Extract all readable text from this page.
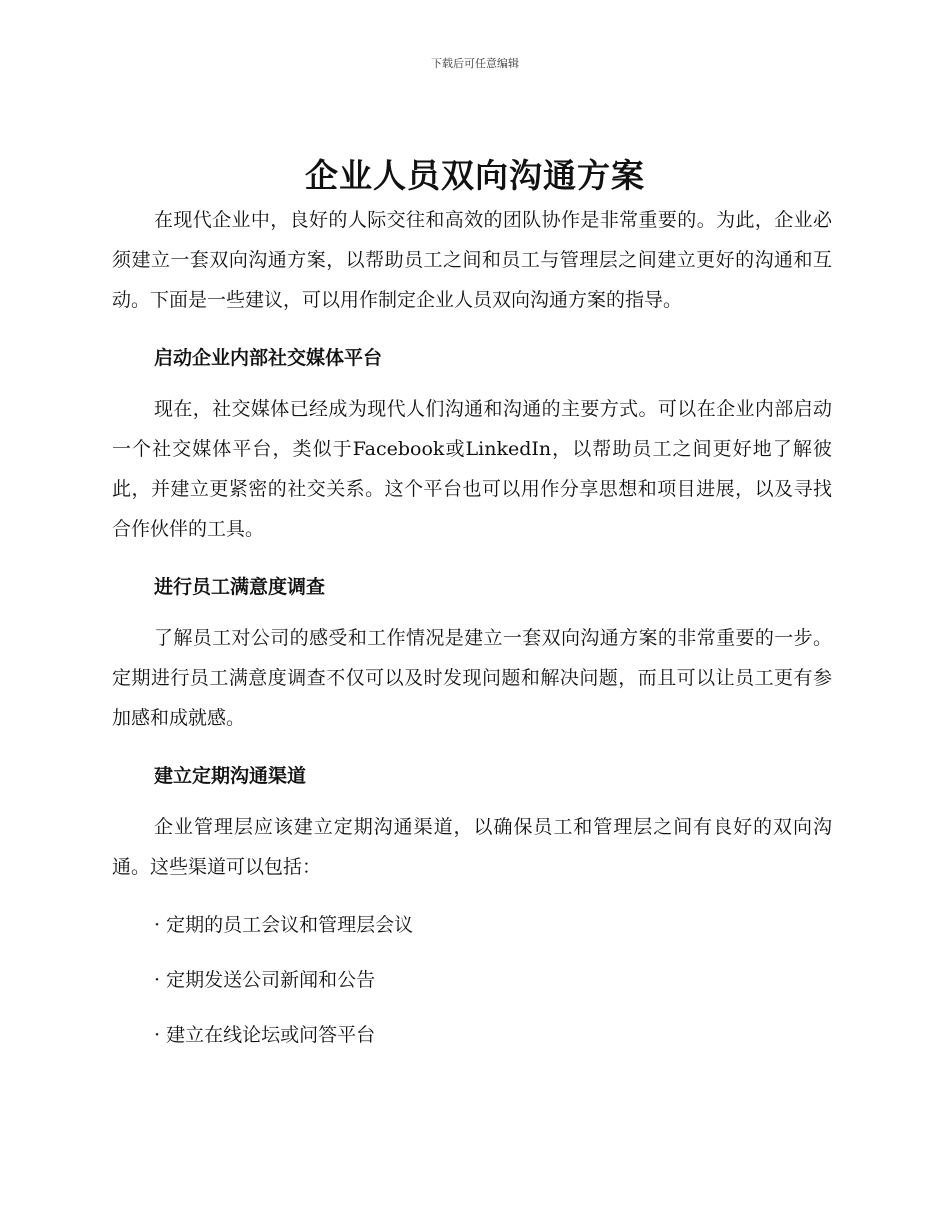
下载后可任意编辑
企业人员双向沟通方案

在现代企业中，良好的人际交往和高效的团队协作是非常重要的。为此，企业必须建立一套双向沟通方案，以帮助员工之间和员工与管理层之间建立更好的沟通和互动。下面是一些建议，可以用作制定企业人员双向沟通方案的指导。

启动企业内部社交媒体平台

现在，社交媒体已经成为现代人们沟通和沟通的主要方式。可以在企业内部启动一个社交媒体平台，类似于Facebook或LinkedIn，以帮助员工之间更好地了解彼此，并建立更紧密的社交关系。这个平台也可以用作分享思想和项目进展，以及寻找合作伙伴的工具。

进行员工满意度调查

了解员工对公司的感受和工作情况是建立一套双向沟通方案的非常重要的一步。定期进行员工满意度调查不仅可以及时发现问题和解决问题，而且可以让员工更有参加感和成就感。

建立定期沟通渠道

企业管理层应该建立定期沟通渠道，以确保员工和管理层之间有良好的双向沟通。这些渠道可以包括：

· 定期的员工会议和管理层会议

· 定期发送公司新闻和公告

· 建立在线论坛或问答平台
